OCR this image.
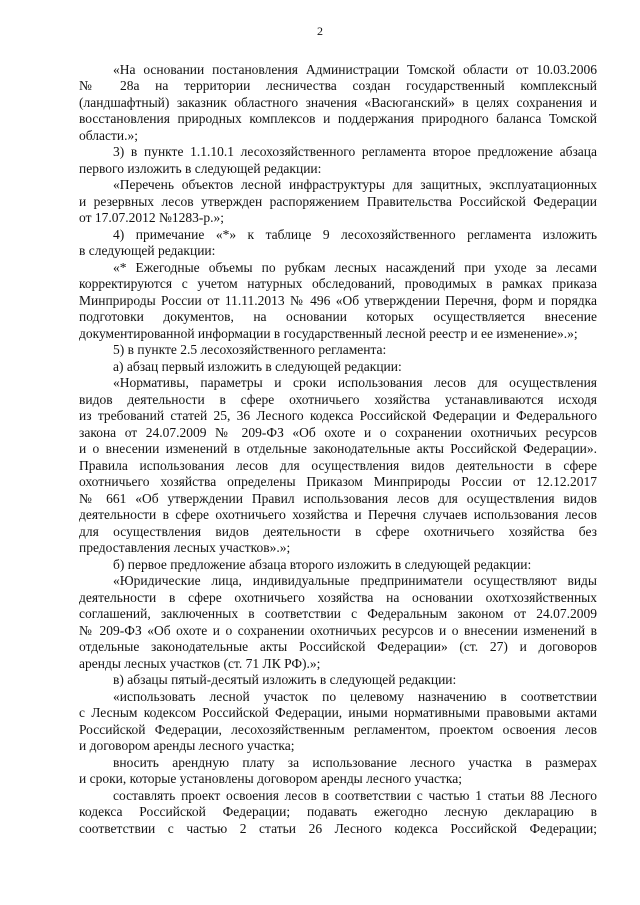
2
«На основании постановления Администрации Томской области от 10.03.2006
№ 28а на территории лесничества создан государственный комплексный
(ландшафтный) заказник областного значения «Васюганский» в целях сохранения и
восстановления природных комплексов и поддержания природного баланса Томской
области.»;
3) в пункте 1.1.10.1 лесохозяйственного регламента второе предложение абзаца
первого изложить в следующей редакции:
«Перечень объектов лесной инфраструктуры для защитных, эксплуатационных
и резервных лесов утвержден распоряжением Правительства Российской Федерации
от 17.07.2012 №1283-р.»;
4) примечание «*» к таблице 9 лесохозяйственного регламента изложить
в следующей редакции:
«* Ежегодные объемы по рубкам лесных насаждений при уходе за лесами
корректируются с учетом натурных обследований, проводимых в рамках приказа
Минприроды России от 11.11.2013 № 496 «Об утверждении Перечня, форм и порядка
подготовки документов, на основании которых осуществляется внесение
документированной информации в государственный лесной реестр и ее изменение».»;
5) в пункте 2.5 лесохозяйственного регламента:
а) абзац первый изложить в следующей редакции:
«Нормативы, параметры и сроки использования лесов для осуществления
видов деятельности в сфере охотничьего хозяйства устанавливаются исходя
из требований статей 25, 36 Лесного кодекса Российской Федерации и Федерального
закона от 24.07.2009 № 209-ФЗ «Об охоте и о сохранении охотничьих ресурсов
и о внесении изменений в отдельные законодательные акты Российской Федерации».
Правила использования лесов для осуществления видов деятельности в сфере
охотничьего хозяйства определены Приказом Минприроды России от 12.12.2017
№ 661 «Об утверждении Правил использования лесов для осуществления видов
деятельности в сфере охотничьего хозяйства и Перечня случаев использования лесов
для осуществления видов деятельности в сфере охотничьего хозяйства без
предоставления лесных участков».»;
б) первое предложение абзаца второго изложить в следующей редакции:
«Юридические лица, индивидуальные предприниматели осуществляют виды
деятельности в сфере охотничьего хозяйства на основании охотхозяйственных
соглашений, заключенных в соответствии с Федеральным законом от 24.07.2009
№ 209-ФЗ «Об охоте и о сохранении охотничьих ресурсов и о внесении изменений в
отдельные законодательные акты Российской Федерации» (ст. 27) и договоров
аренды лесных участков (ст. 71 ЛК РФ).»;
в) абзацы пятый-десятый изложить в следующей редакции:
«использовать лесной участок по целевому назначению в соответствии
с Лесным кодексом Российской Федерации, иными нормативными правовыми актами
Российской Федерации, лесохозяйственным регламентом, проектом освоения лесов
и договором аренды лесного участка;
вносить арендную плату за использование лесного участка в размерах
и сроки, которые установлены договором аренды лесного участка;
составлять проект освоения лесов в соответствии с частью 1 статьи 88 Лесного
кодекса Российской Федерации; подавать ежегодно лесную декларацию в
соответствии с частью 2 статьи 26 Лесного кодекса Российской Федерации;
